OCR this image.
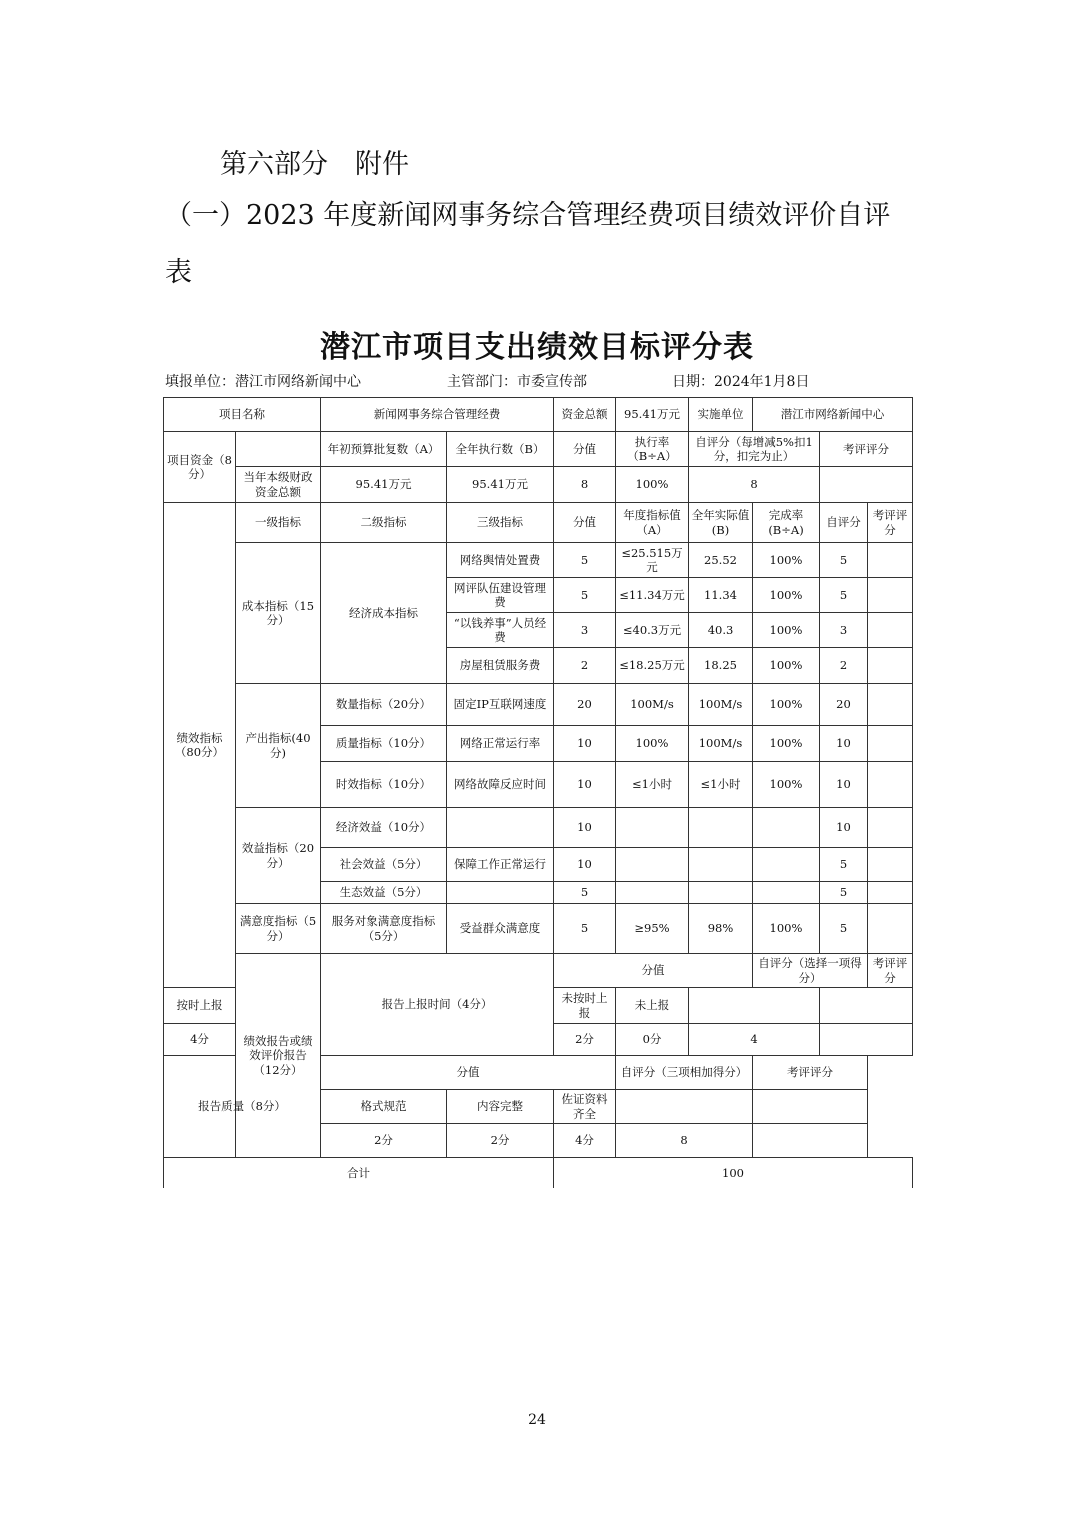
第六部分　附件
（一）2023 年度新闻网事务综合管理经费项目绩效评价自评
表
潜江市项目支出绩效目标评分表
填报单位：潜江市网络新闻中心	主管部门：市委宣传部	日期：2024年1月8日
项目名称		新闻网事务综合管理经费		资金总额	95.41万元	实施单位	潜江市网络新闻中心			
项目资金（8分）		年初预算批复数（A）	全年执行数（B）	分值	执行率（B÷A）	自评分（每增减5%扣1分，扣完为止）		考评评分		
	当年本级财政资金总额	95.41万元	95.41万元	8	100%	8				
绩效指标（80分）	一级指标	二级指标	三级指标	分值	年度指标值（A）	全年实际值(B)	完成率(B÷A)	自评分	考评评分	
	成本指标（15分）	经济成本指标	网络舆情处置费	5	≤25.515万元	25.52	100%	5		
			网评队伍建设管理费	5	≤11.34万元	11.34	100%	5		
			“以钱养事”人员经费	3	≤40.3万元	40.3	100%	3		
			房屋租赁服务费	2	≤18.25万元	18.25	100%	2		
	产出指标(40分)	数量指标（20分）	固定IP互联网速度	20	100M/s	100M/s	100%	20		
		质量指标（10分）	网络正常运行率	10	100%	100M/s	100%	10		
		时效指标（10分）	网络故障反应时间	10	≤1小时	≤1小时	100%	10		
	效益指标（20分）	经济效益（10分）		10				10		
		社会效益（5分）	保障工作正常运行	10				5		
		生态效益（5分）		5				5		
	满意度指标（5分）	服务对象满意度指标（5分）	受益群众满意度	5	≥95%	98%	100%	5		
	绩效报告或绩效评价报告（12分）	报告上报时间（4分）		分值			自评分（选择一项得分）		考评评分	
按时上报				未按时上报	未上报					
4分				2分	0分	4				
报告质量（8分）		分值			自评分（三项相加得分）		考评评分			
		格式规范	内容完整	佐证资料齐全						
		2分	2分	4分	8					
合计				100						
24
